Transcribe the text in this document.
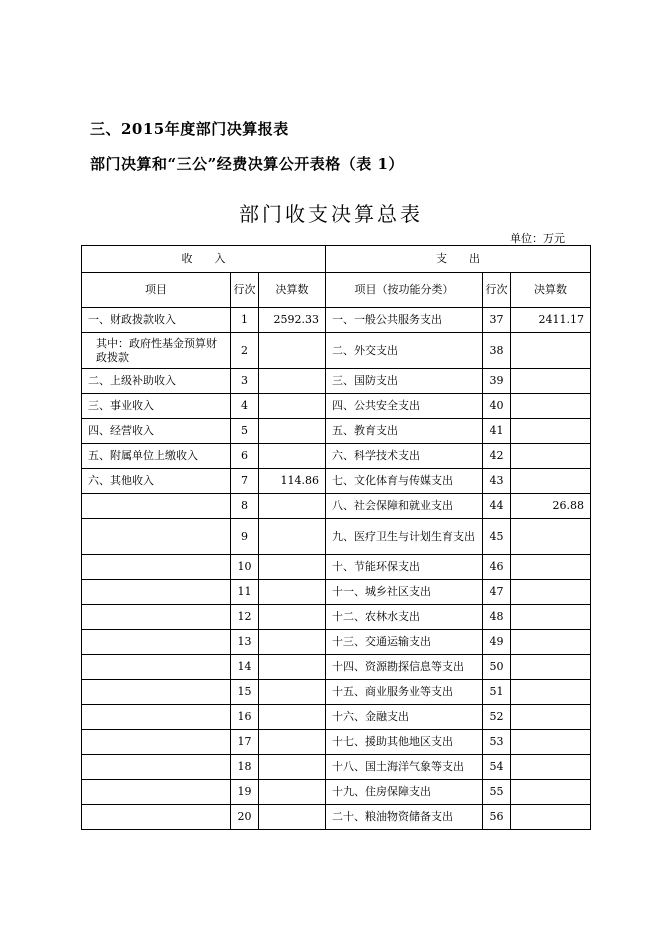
三、2015年度部门决算报表
部门决算和“三公”经费决算公开表格（表 1）
部门收支决算总表
单位：万元
收　　入			支　　出		
项目	行次	决算数	项目（按功能分类）	行次	决算数
一、财政拨款收入	1	2592.33	一、一般公共服务支出	37	2411.17
其中：政府性基金预算财政拨款	2		二、外交支出	38	
二、上级补助收入	3		三、国防支出	39	
三、事业收入	4		四、公共安全支出	40	
四、经营收入	5		五、教育支出	41	
五、附属单位上缴收入	6		六、科学技术支出	42	
六、其他收入	7	114.86	七、文化体育与传媒支出	43	
	8		八、社会保障和就业支出	44	26.88
	9		九、医疗卫生与计划生育支出	45	
	10		十、节能环保支出	46	
	11		十一、城乡社区支出	47	
	12		十二、农林水支出	48	
	13		十三、交通运输支出	49	
	14		十四、资源勘探信息等支出	50	
	15		十五、商业服务业等支出	51	
	16		十六、金融支出	52	
	17		十七、援助其他地区支出	53	
	18		十八、国土海洋气象等支出	54	
	19		十九、住房保障支出	55	
	20		二十、粮油物资储备支出	56	
